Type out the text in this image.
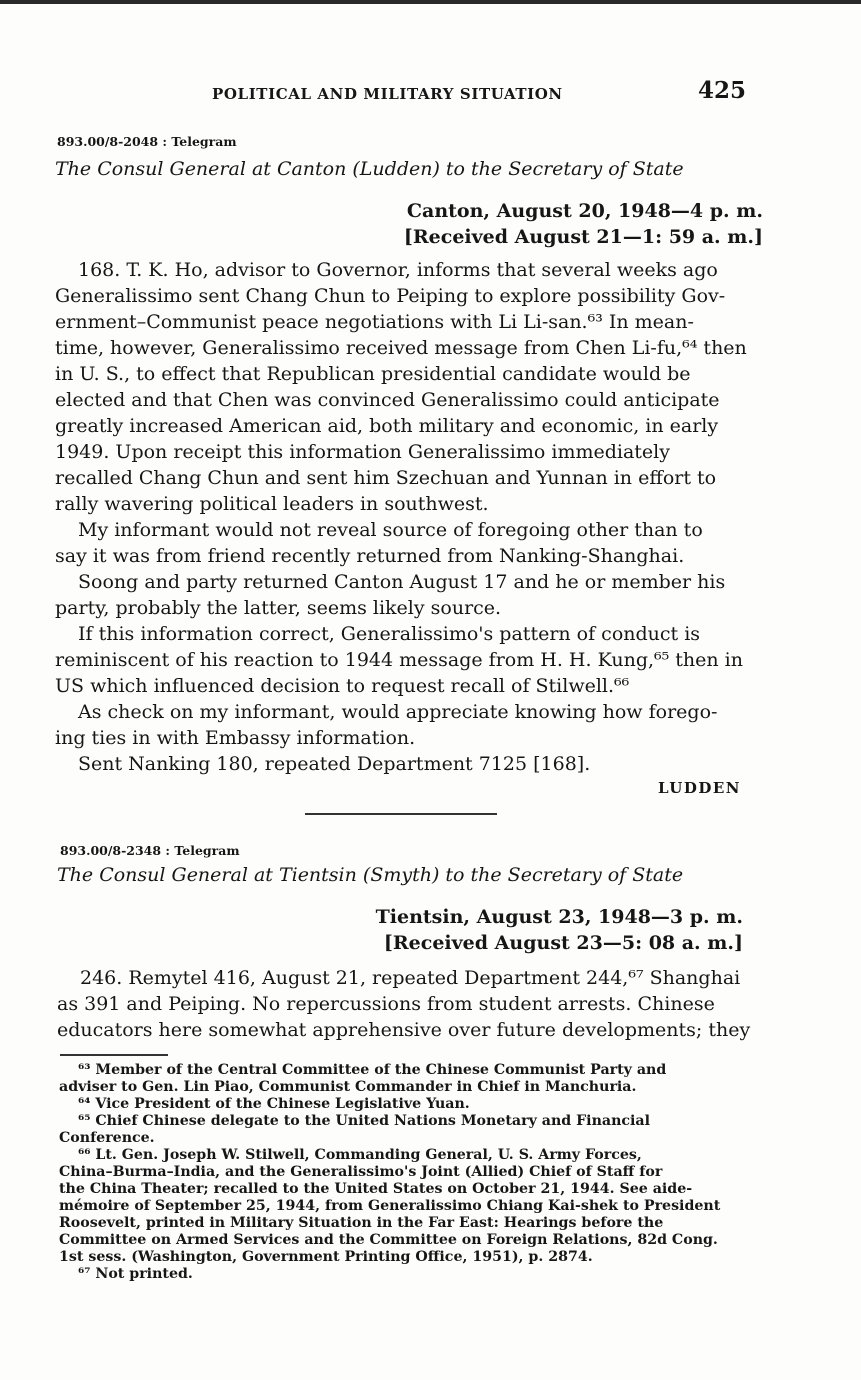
POLITICAL AND MILITARY SITUATION	425
893.00/8-2048 : Telegram
The Consul General at Canton (Ludden) to the Secretary of State
Canton, August 20, 1948—4 p. m.
[Received August 21—1: 59 a. m.]
168. T. K. Ho, advisor to Governor, informs that several weeks ago
Generalissimo sent Chang Chun to Peiping to explore possibility Gov-
ernment–Communist peace negotiations with Li Li-san.⁶³ In mean-
time, however, Generalissimo received message from Chen Li-fu,⁶⁴ then
in U. S., to effect that Republican presidential candidate would be
elected and that Chen was convinced Generalissimo could anticipate
greatly increased American aid, both military and economic, in early
1949. Upon receipt this information Generalissimo immediately
recalled Chang Chun and sent him Szechuan and Yunnan in effort to
rally wavering political leaders in southwest.
My informant would not reveal source of foregoing other than to
say it was from friend recently returned from Nanking-Shanghai.
Soong and party returned Canton August 17 and he or member his
party, probably the latter, seems likely source.
If this information correct, Generalissimo's pattern of conduct is
reminiscent of his reaction to 1944 message from H. H. Kung,⁶⁵ then in
US which influenced decision to request recall of Stilwell.⁶⁶
As check on my informant, would appreciate knowing how forego-
ing ties in with Embassy information.
Sent Nanking 180, repeated Department 7125 [168].
LUDDEN
893.00/8-2348 : Telegram
The Consul General at Tientsin (Smyth) to the Secretary of State
Tientsin, August 23, 1948—3 p. m.
[Received August 23—5: 08 a. m.]
246. Remytel 416, August 21, repeated Department 244,⁶⁷ Shanghai
as 391 and Peiping. No repercussions from student arrests. Chinese
educators here somewhat apprehensive over future developments; they
⁶³ Member of the Central Committee of the Chinese Communist Party and
adviser to Gen. Lin Piao, Communist Commander in Chief in Manchuria.
⁶⁴ Vice President of the Chinese Legislative Yuan.
⁶⁵ Chief Chinese delegate to the United Nations Monetary and Financial
Conference.
⁶⁶ Lt. Gen. Joseph W. Stilwell, Commanding General, U. S. Army Forces,
China–Burma–India, and the Generalissimo's Joint (Allied) Chief of Staff for
the China Theater; recalled to the United States on October 21, 1944. See aide-
mémoire of September 25, 1944, from Generalissimo Chiang Kai-shek to President
Roosevelt, printed in Military Situation in the Far East: Hearings before the
Committee on Armed Services and the Committee on Foreign Relations, 82d Cong.
1st sess. (Washington, Government Printing Office, 1951), p. 2874.
⁶⁷ Not printed.
